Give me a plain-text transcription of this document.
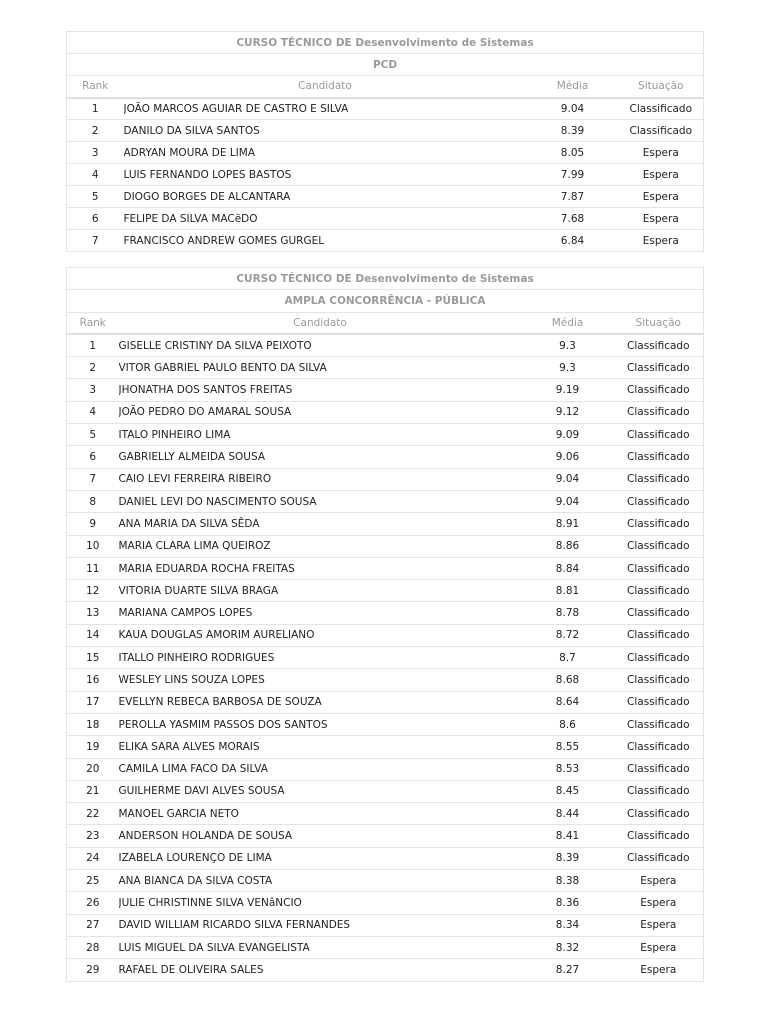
CURSO TÉCNICO DE Desenvolvimento de Sistemas			
PCD			
Rank	Candidato	Média	Situação
1	JOÃO MARCOS AGUIAR DE CASTRO E SILVA	9.04	Classificado
2	DANILO DA SILVA SANTOS	8.39	Classificado
3	ADRYAN MOURA DE LIMA	8.05	Espera
4	LUIS FERNANDO LOPES BASTOS	7.99	Espera
5	DIOGO BORGES DE ALCANTARA	7.87	Espera
6	FELIPE DA SILVA MACëDO	7.68	Espera
7	FRANCISCO ANDREW GOMES GURGEL	6.84	Espera
CURSO TÉCNICO DE Desenvolvimento de Sistemas			
AMPLA CONCORRÊNCIA - PÚBLICA			
Rank	Candidato	Média	Situação
1	GISELLE CRISTINY DA SILVA PEIXOTO	9.3	Classificado
2	VITOR GABRIEL PAULO BENTO DA SILVA	9.3	Classificado
3	JHONATHA DOS SANTOS FREITAS	9.19	Classificado
4	JOÃO PEDRO DO AMARAL SOUSA	9.12	Classificado
5	ITALO PINHEIRO LIMA	9.09	Classificado
6	GABRIELLY ALMEIDA SOUSA	9.06	Classificado
7	CAIO LEVI FERREIRA RIBEIRO	9.04	Classificado
8	DANIEL LEVI DO NASCIMENTO SOUSA	9.04	Classificado
9	ANA MARIA DA SILVA SÊDA	8.91	Classificado
10	MARIA CLARA LIMA QUEIROZ	8.86	Classificado
11	MARIA EDUARDA ROCHA FREITAS	8.84	Classificado
12	VITORIA DUARTE SILVA BRAGA	8.81	Classificado
13	MARIANA CAMPOS LOPES	8.78	Classificado
14	KAUA DOUGLAS AMORIM AURELIANO	8.72	Classificado
15	ITALLO PINHEIRO RODRIGUES	8.7	Classificado
16	WESLEY LINS SOUZA LOPES	8.68	Classificado
17	EVELLYN REBECA BARBOSA DE SOUZA	8.64	Classificado
18	PEROLLA YASMIM PASSOS DOS SANTOS	8.6	Classificado
19	ELIKA SARA ALVES MORAIS	8.55	Classificado
20	CAMILA LIMA FACO DA SILVA	8.53	Classificado
21	GUILHERME DAVI ALVES SOUSA	8.45	Classificado
22	MANOEL GARCIA NETO	8.44	Classificado
23	ANDERSON HOLANDA DE SOUSA	8.41	Classificado
24	IZABELA LOURENÇO DE LIMA	8.39	Classificado
25	ANA BIANCA DA SILVA COSTA	8.38	Espera
26	JULIE CHRISTINNE SILVA VENâNCIO	8.36	Espera
27	DAVID WILLIAM RICARDO SILVA FERNANDES	8.34	Espera
28	LUIS MIGUEL DA SILVA EVANGELISTA	8.32	Espera
29	RAFAEL DE OLIVEIRA SALES	8.27	Espera
